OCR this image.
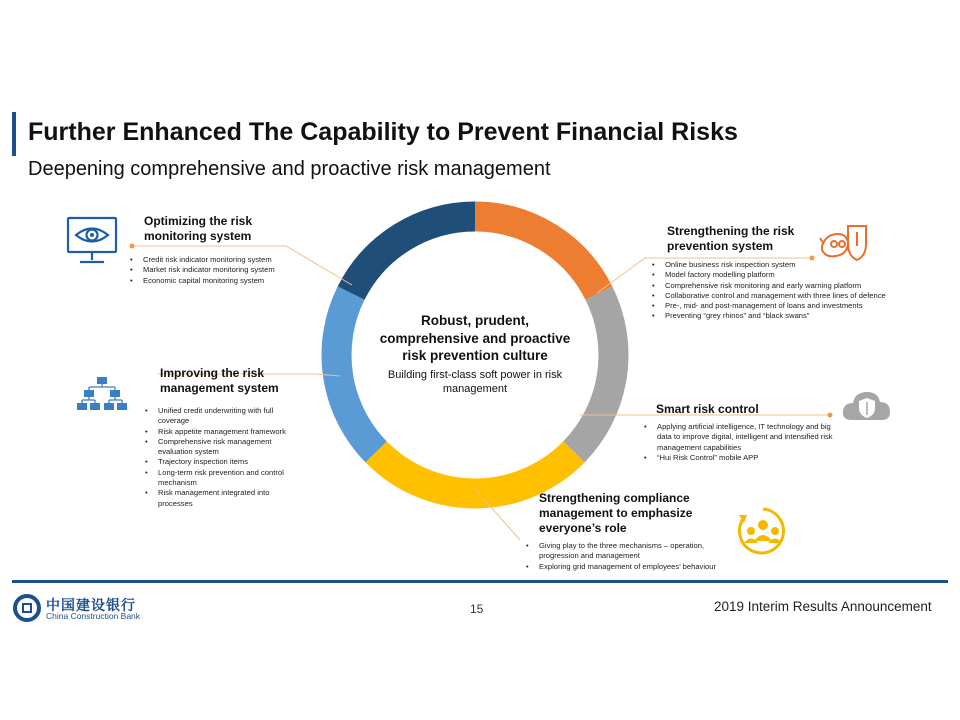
Further Enhanced The Capability to Prevent Financial Risks
Deepening comprehensive and proactive risk management
Robust, prudent, comprehensive and proactive risk prevention culture
Building first-class soft power in risk management
Optimizing the risk monitoring system
• Credit risk indicator monitoring system
• Market risk indicator monitoring system
• Economic capital monitoring system
Improving the risk management system
• Unified credit underwriting with full coverage
• Risk appetite management framework
• Comprehensive risk management evaluation system
• Trajectory inspection items
• Long-term risk prevention and control mechanism
• Risk management integrated into processes
Strengthening the risk prevention system
• Online business risk inspection system
• Model factory modelling platform
• Comprehensive risk monitoring and early warning platform
• Collaborative control and management with three lines of defence
• Pre-, mid- and post-management of loans and investments
• Preventing “grey rhinos” and “black swans”
Smart risk control
• Applying artificial intelligence, IT technology and big data to improve digital, intelligent and intensified risk management capabilities
• “Hui Risk Control” mobile APP
Strengthening compliance management to emphasize everyone’s role
• Giving play to the three mechanisms – operation, progression and management
• Exploring grid management of employees’ behaviour
中国建设银行
China Construction Bank	15	2019 Interim Results Announcement
